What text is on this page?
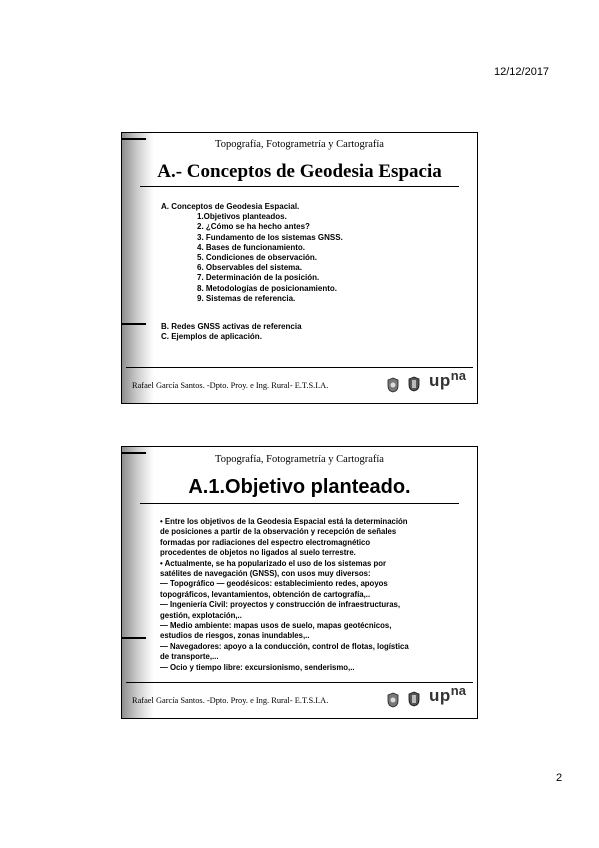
12/12/2017
Topografía, Fotogrametría y Cartografía
A.- Conceptos de Geodesia Espacia
A. Conceptos de Geodesia Espacial.
1.Objetivos planteados.
2. ¿Cómo se ha hecho antes?
3. Fundamento de los sistemas GNSS.
4. Bases de funcionamiento.
5. Condiciones de observación.
6. Observables del sistema.
7. Determinación de la posición.
8. Metodologías de posicionamiento.
9. Sistemas de referencia.
B. Redes GNSS activas de referencia
C. Ejemplos de aplicación.
Rafael García Santos. -Dpto. Proy. e Ing. Rural- E.T.S.I.A.	$up^{na}$
Topografía, Fotogrametría y Cartografía
A.1.Objetivo planteado.
• Entre los objetivos de la Geodesia Espacial está la determinación
de posiciones a partir de la observación y recepción de señales
formadas por radiaciones del espectro electromagnético
procedentes de objetos no ligados al suelo terrestre.
• Actualmente, se ha popularizado el uso de los sistemas por
satélites de navegación (GNSS), con usos muy diversos:
— Topográfico — geodésicos: establecimiento redes, apoyos
topográficos, levantamientos, obtención de cartografía,..
— Ingeniería Civil: proyectos y construcción de infraestructuras,
gestión, explotación,..
— Medio ambiente: mapas usos de suelo, mapas geotécnicos,
estudios de riesgos, zonas inundables,..
— Navegadores: apoyo a la conducción, control de flotas, logística
de transporte,...
— Ocio y tiempo libre: excursionismo, senderismo,..
Rafael García Santos. -Dpto. Proy. e Ing. Rural- E.T.S.I.A.	$up^{na}$
2
